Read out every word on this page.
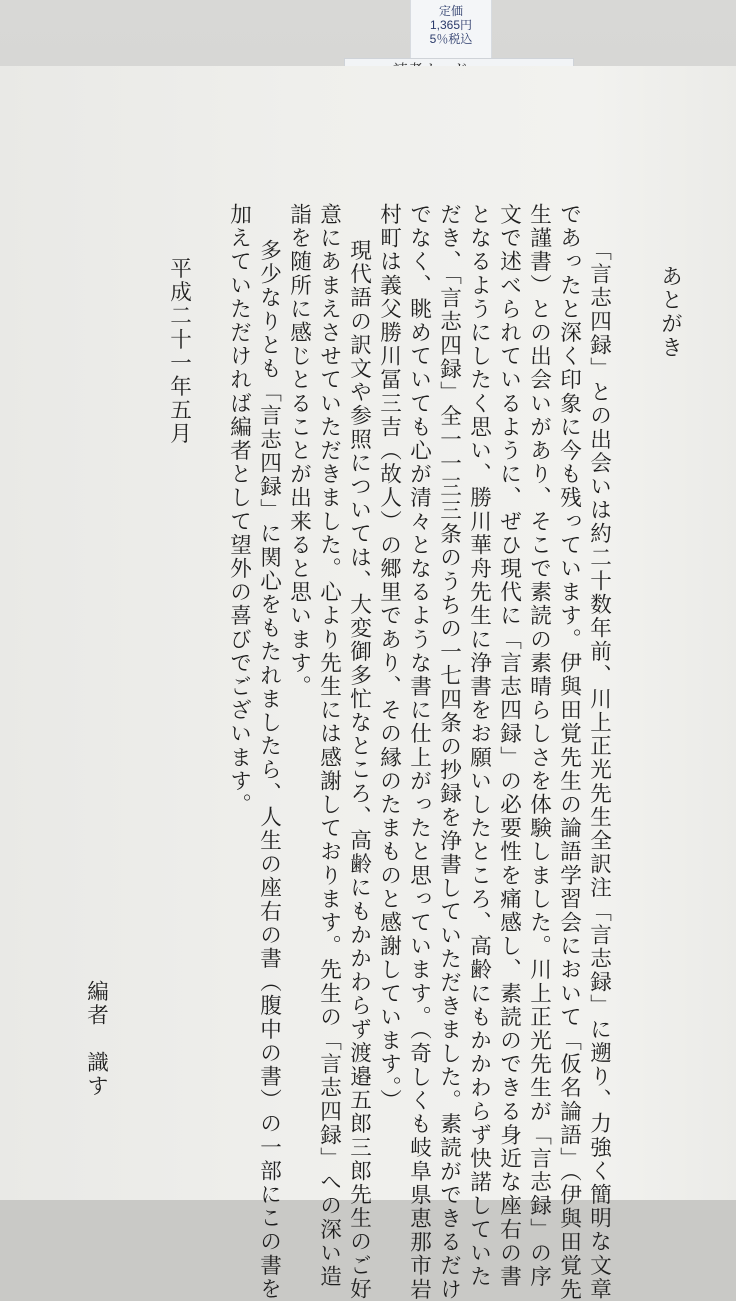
定価
1,365円
5％税込
あとがき
「言志四録」との出会いは約二十数年前、川上正光先生全訳注「言志録」に遡り、力強く簡明な文章
であったと深く印象に今も残っています。伊與田覚先生の論語学習会において「仮名論語」（伊與田覚先
生謹書）との出会いがあり、そこで素読の素晴らしさを体験しました。川上正光先生が「言志録」の序
文で述べられているように、ぜひ現代に「言志四録」の必要性を痛感し、素読のできる身近な座右の書
となるようにしたく思い、勝川華舟先生に浄書をお願いしたところ、高齢にもかかわらず快諾していた
だき、「言志四録」全一一三三条のうちの一七四条の抄録を浄書していただきました。素読ができるだけ
でなく、眺めていても心が清々となるような書に仕上がったと思っています。（奇しくも岐阜県恵那市岩
村町は義父勝川冨三吉（故人）の郷里であり、その縁のたまものと感謝しています。）
現代語の訳文や参照については、大変御多忙なところ、高齢にもかかわらず渡邉五郎三郎先生のご好
意にあまえさせていただきました。心より先生には感謝しております。先生の「言志四録」への深い造
詣を随所に感じとることが出来ると思います。
多少なりとも「言志四録」に関心をもたれましたら、人生の座右の書（腹中の書）の一部にこの書を
加えていただければ編者として望外の喜びでございます。
平成二十一年五月
編者　識す
